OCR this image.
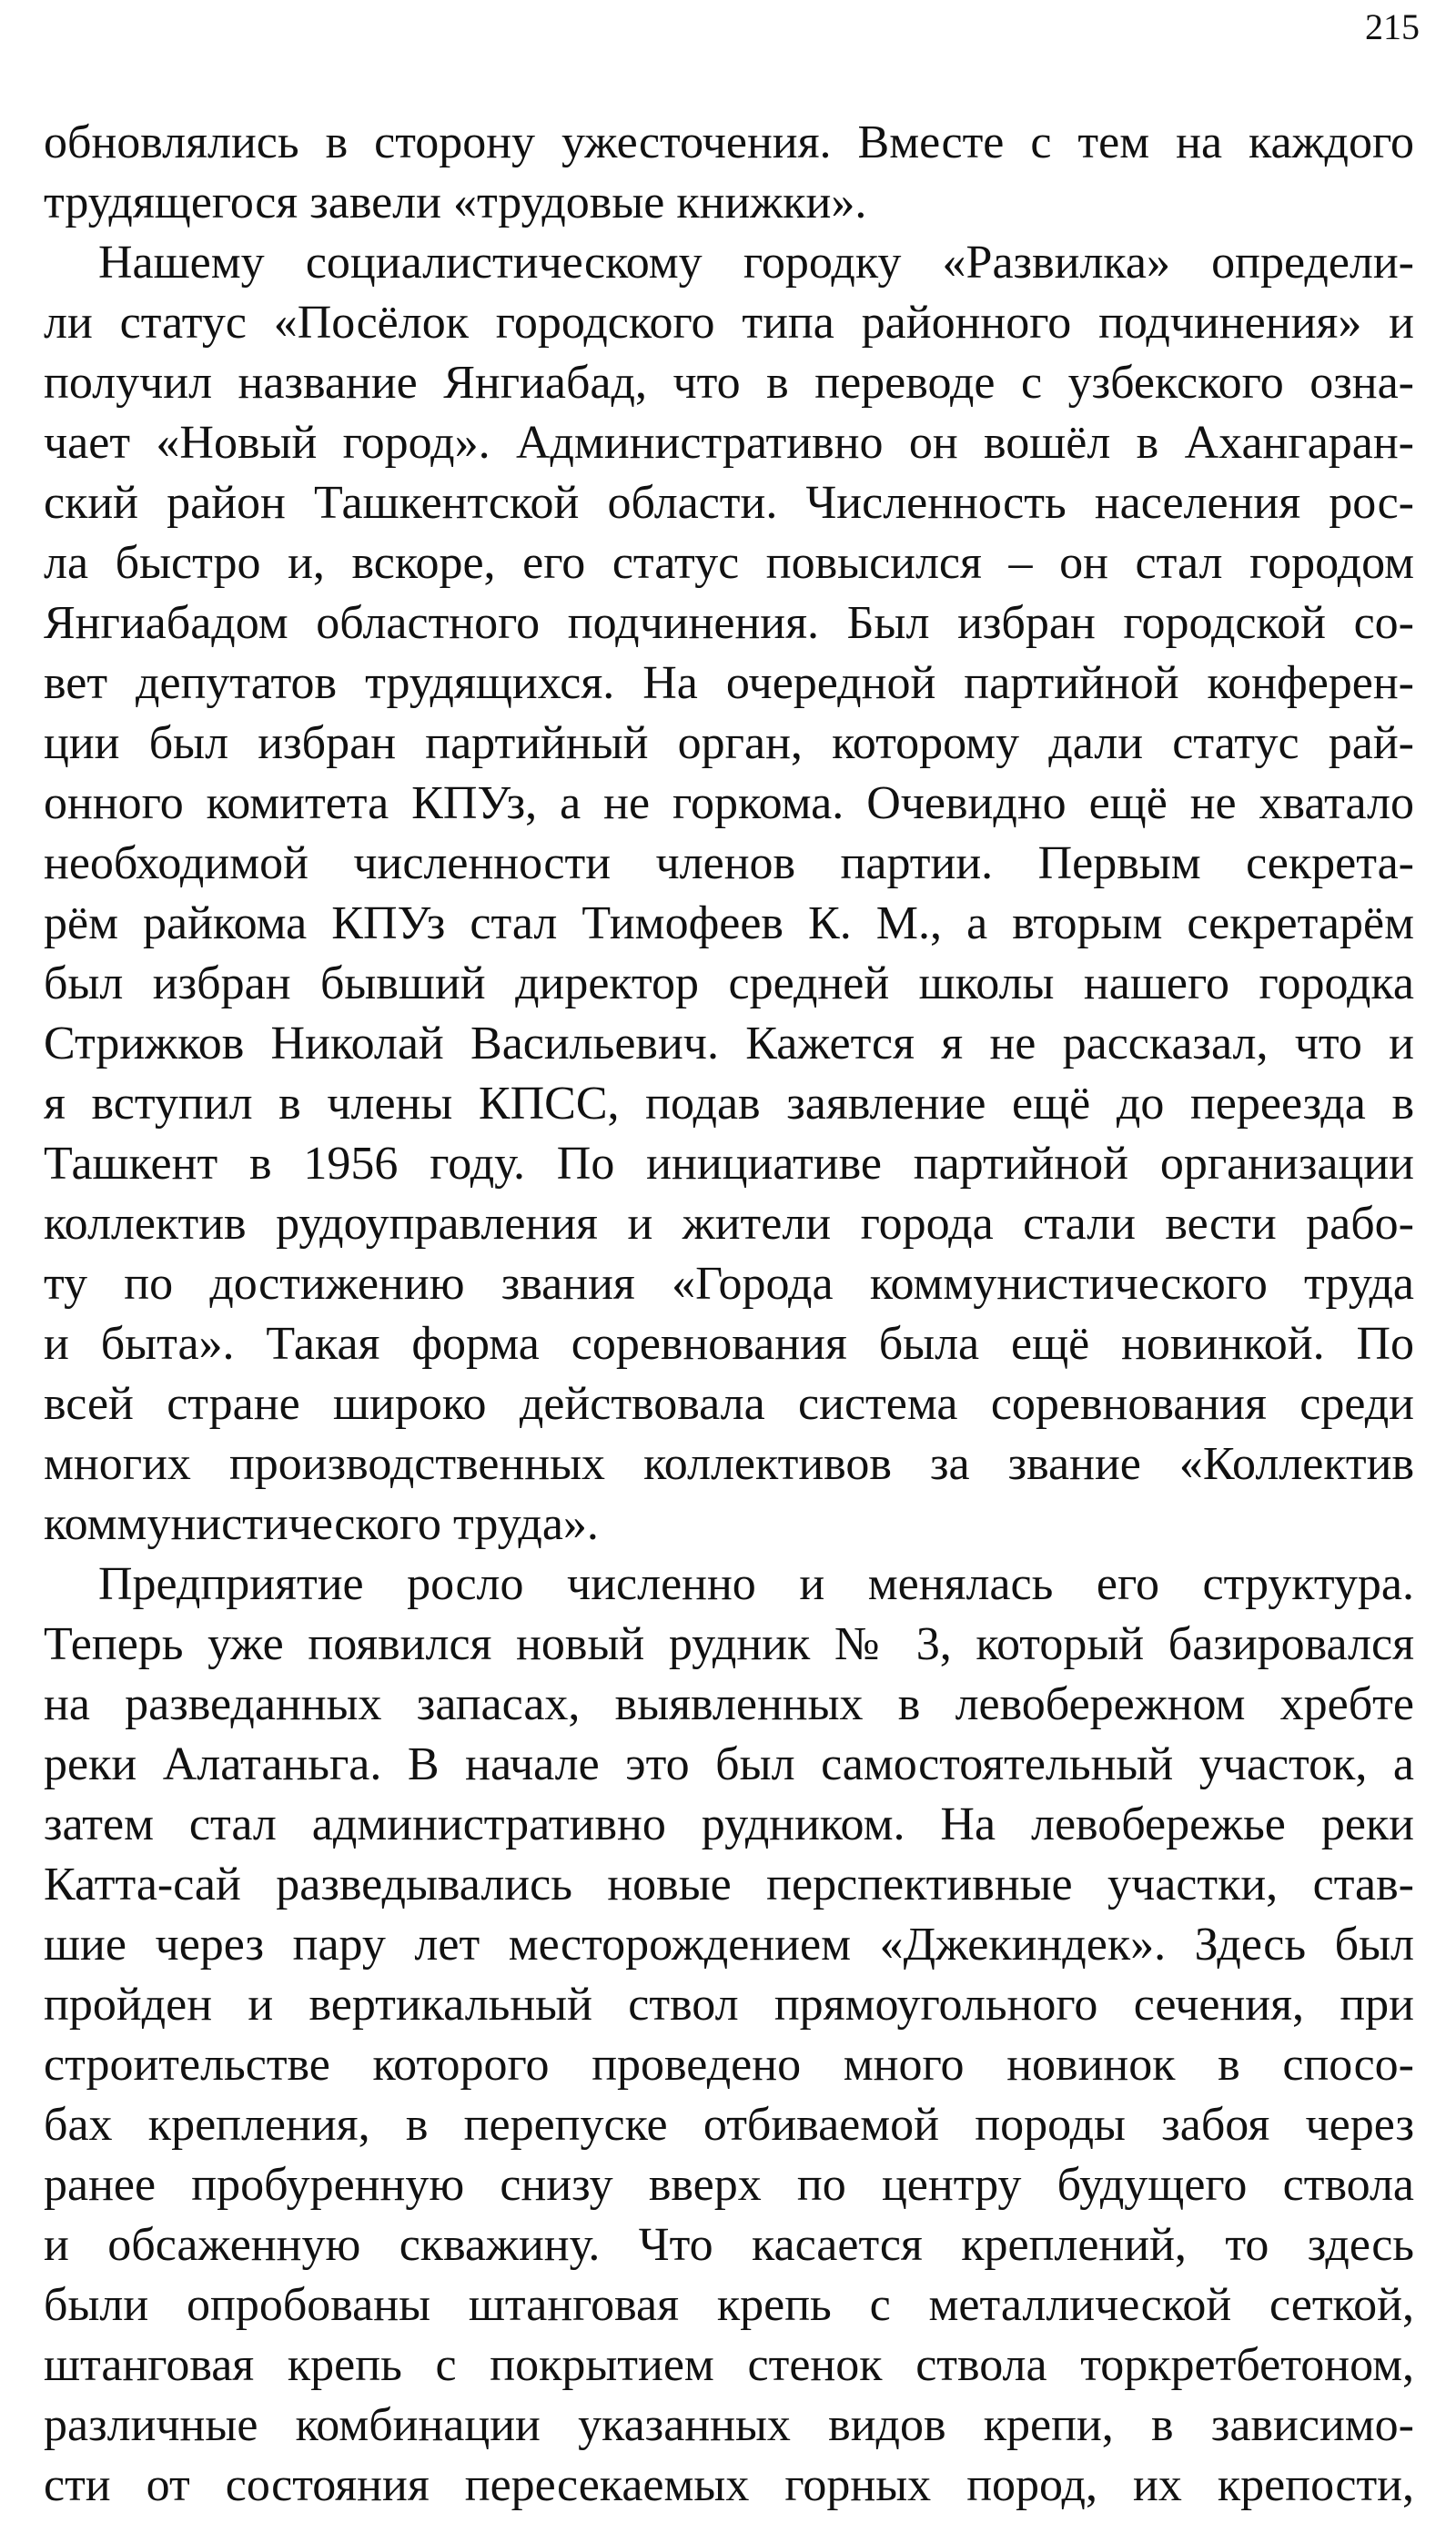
215
обновлялись в сторону ужесточения. Вместе с тем на каждого
трудящегося завели «трудовые книжки».
Нашему социалистическому городку «Развилка» определи-
ли статус «Посёлок городского типа районного подчинения» и
получил название Янгиабад, что в переводе с узбекского озна-
чает «Новый город». Административно он вошёл в Ахангаран-
ский район Ташкентской области. Численность населения рос-
ла быстро и, вскоре, его статус повысился – он стал городом
Янгиабадом областного подчинения. Был избран городской со-
вет депутатов трудящихся. На очередной партийной конферен-
ции был избран партийный орган, которому дали статус рай-
онного комитета КПУз, а не горкома. Очевидно ещё не хватало
необходимой численности членов партии. Первым секрета-
рём райкома КПУз стал Тимофеев К. М., а вторым секретарём
был избран бывший директор средней школы нашего городка
Стрижков Николай Васильевич. Кажется я не рассказал, что и
я вступил в члены КПСС, подав заявление ещё до переезда в
Ташкент в 1956 году. По инициативе партийной организации
коллектив рудоуправления и жители города стали вести рабо-
ту по достижению звания «Города коммунистического труда
и быта». Такая форма соревнования была ещё новинкой. По
всей стране широко действовала система соревнования среди
многих производственных коллективов за звание «Коллектив
коммунистического труда».
Предприятие росло численно и менялась его структура.
Теперь уже появился новый рудник № 3, который базировался
на разведанных запасах, выявленных в левобережном хребте
реки Алатаньга. В начале это был самостоятельный участок, а
затем стал административно рудником. На левобережье реки
Катта-сай разведывались новые перспективные участки, став-
шие через пару лет месторождением «Джекиндек». Здесь был
пройден и вертикальный ствол прямоугольного сечения, при
строительстве которого проведено много новинок в спосо-
бах крепления, в перепуске отбиваемой породы забоя через
ранее пробуренную снизу вверх по центру будущего ствола
и обсаженную скважину. Что касается креплений, то здесь
были опробованы штанговая крепь с металлической сеткой,
штанговая крепь с покрытием стенок ствола торкретбетоном,
различные комбинации указанных видов крепи, в зависимо-
сти от состояния пересекаемых горных пород, их крепости,
